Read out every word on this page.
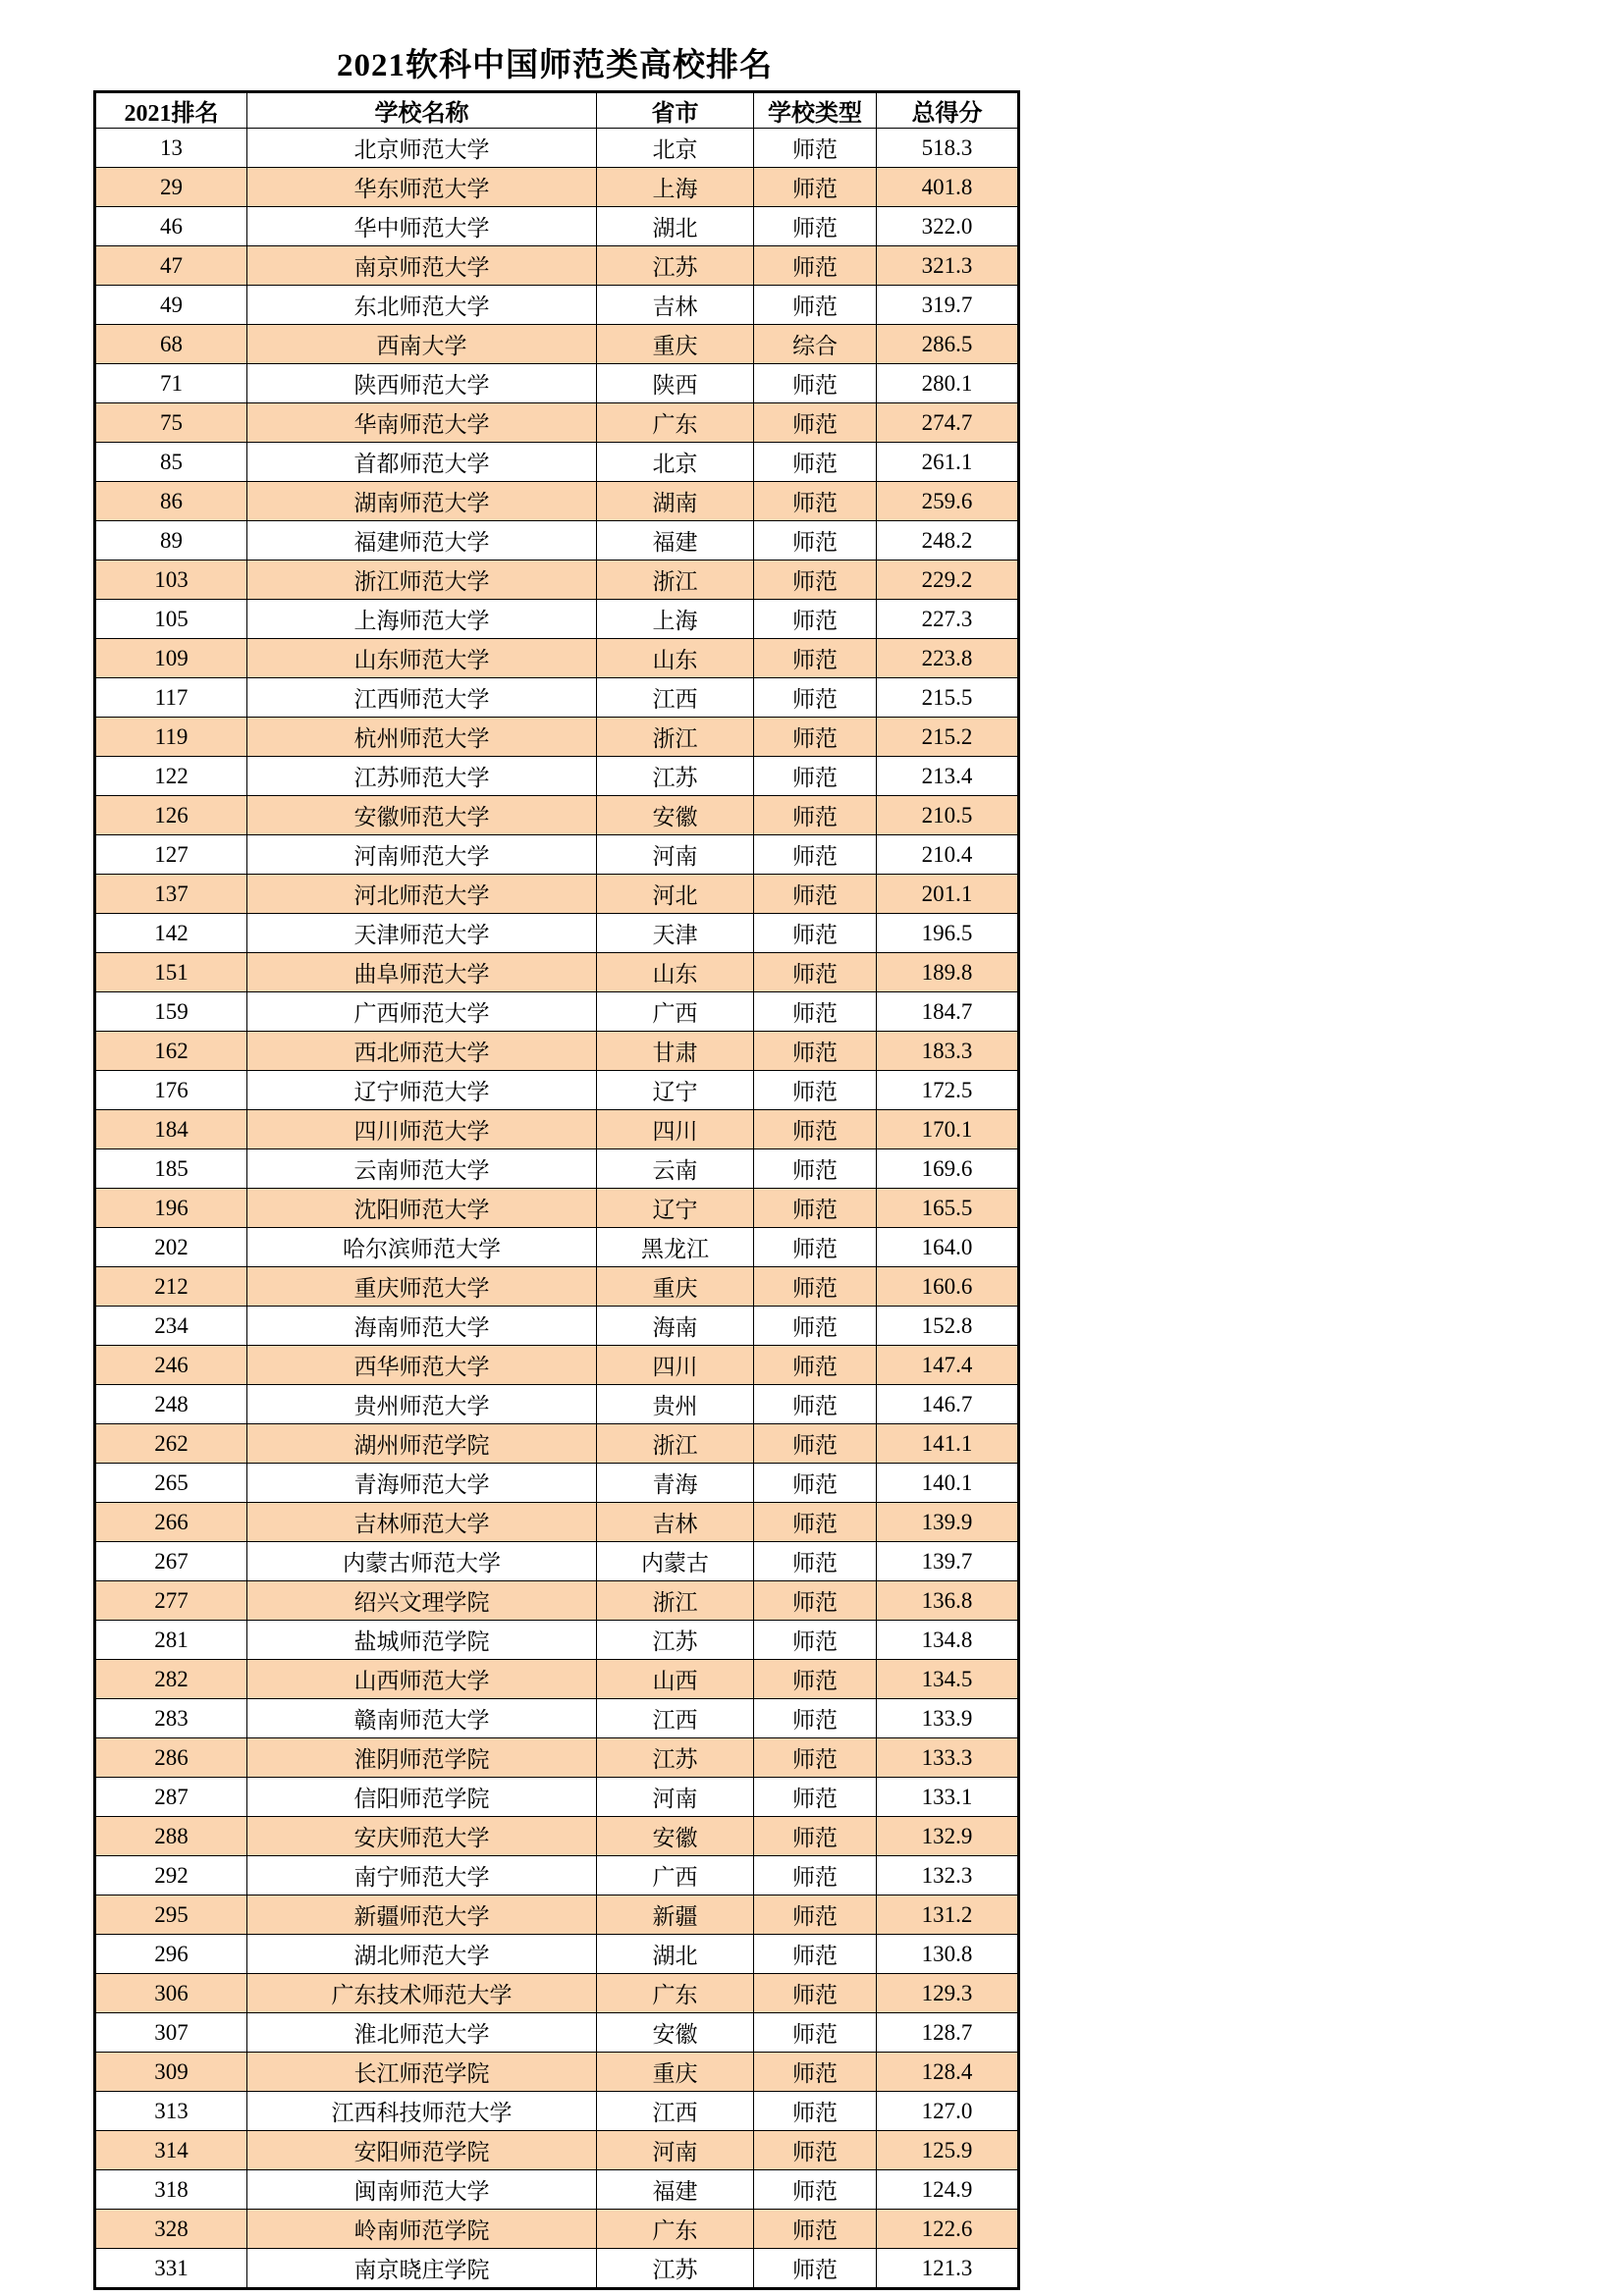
2021软科中国师范类高校排名
2021排名	学校名称	省市	学校类型	总得分
13	北京师范大学	北京	师范	518.3
29	华东师范大学	上海	师范	401.8
46	华中师范大学	湖北	师范	322.0
47	南京师范大学	江苏	师范	321.3
49	东北师范大学	吉林	师范	319.7
68	西南大学	重庆	综合	286.5
71	陕西师范大学	陕西	师范	280.1
75	华南师范大学	广东	师范	274.7
85	首都师范大学	北京	师范	261.1
86	湖南师范大学	湖南	师范	259.6
89	福建师范大学	福建	师范	248.2
103	浙江师范大学	浙江	师范	229.2
105	上海师范大学	上海	师范	227.3
109	山东师范大学	山东	师范	223.8
117	江西师范大学	江西	师范	215.5
119	杭州师范大学	浙江	师范	215.2
122	江苏师范大学	江苏	师范	213.4
126	安徽师范大学	安徽	师范	210.5
127	河南师范大学	河南	师范	210.4
137	河北师范大学	河北	师范	201.1
142	天津师范大学	天津	师范	196.5
151	曲阜师范大学	山东	师范	189.8
159	广西师范大学	广西	师范	184.7
162	西北师范大学	甘肃	师范	183.3
176	辽宁师范大学	辽宁	师范	172.5
184	四川师范大学	四川	师范	170.1
185	云南师范大学	云南	师范	169.6
196	沈阳师范大学	辽宁	师范	165.5
202	哈尔滨师范大学	黑龙江	师范	164.0
212	重庆师范大学	重庆	师范	160.6
234	海南师范大学	海南	师范	152.8
246	西华师范大学	四川	师范	147.4
248	贵州师范大学	贵州	师范	146.7
262	湖州师范学院	浙江	师范	141.1
265	青海师范大学	青海	师范	140.1
266	吉林师范大学	吉林	师范	139.9
267	内蒙古师范大学	内蒙古	师范	139.7
277	绍兴文理学院	浙江	师范	136.8
281	盐城师范学院	江苏	师范	134.8
282	山西师范大学	山西	师范	134.5
283	赣南师范大学	江西	师范	133.9
286	淮阴师范学院	江苏	师范	133.3
287	信阳师范学院	河南	师范	133.1
288	安庆师范大学	安徽	师范	132.9
292	南宁师范大学	广西	师范	132.3
295	新疆师范大学	新疆	师范	131.2
296	湖北师范大学	湖北	师范	130.8
306	广东技术师范大学	广东	师范	129.3
307	淮北师范大学	安徽	师范	128.7
309	长江师范学院	重庆	师范	128.4
313	江西科技师范大学	江西	师范	127.0
314	安阳师范学院	河南	师范	125.9
318	闽南师范大学	福建	师范	124.9
328	岭南师范学院	广东	师范	122.6
331	南京晓庄学院	江苏	师范	121.3
